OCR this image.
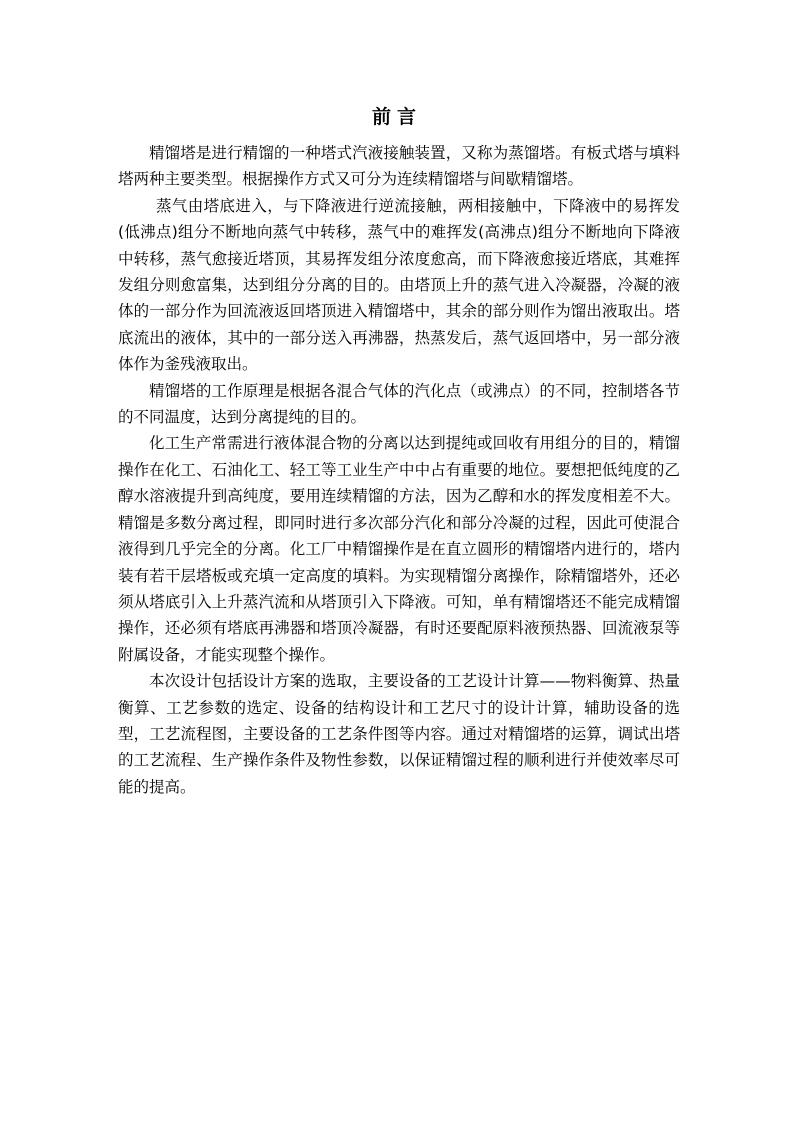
前言

精馏塔是进行精馏的一种塔式汽液接触装置，又称为蒸馏塔。有板式塔与填料塔两种主要类型。根据操作方式又可分为连续精馏塔与间歇精馏塔。

蒸气由塔底进入，与下降液进行逆流接触，两相接触中，下降液中的易挥发(低沸点)组分不断地向蒸气中转移，蒸气中的难挥发(高沸点)组分不断地向下降液中转移，蒸气愈接近塔顶，其易挥发组分浓度愈高，而下降液愈接近塔底，其难挥发组分则愈富集，达到组分分离的目的。由塔顶上升的蒸气进入冷凝器，冷凝的液体的一部分作为回流液返回塔顶进入精馏塔中，其余的部分则作为馏出液取出。塔底流出的液体，其中的一部分送入再沸器，热蒸发后，蒸气返回塔中，另一部分液体作为釜残液取出。

精馏塔的工作原理是根据各混合气体的汽化点（或沸点）的不同，控制塔各节的不同温度，达到分离提纯的目的。

化工生产常需进行液体混合物的分离以达到提纯或回收有用组分的目的，精馏操作在化工、石油化工、轻工等工业生产中中占有重要的地位。要想把低纯度的乙醇水溶液提升到高纯度，要用连续精馏的方法，因为乙醇和水的挥发度相差不大。精馏是多数分离过程，即同时进行多次部分汽化和部分冷凝的过程，因此可使混合液得到几乎完全的分离。化工厂中精馏操作是在直立圆形的精馏塔内进行的，塔内装有若干层塔板或充填一定高度的填料。为实现精馏分离操作，除精馏塔外，还必须从塔底引入上升蒸汽流和从塔顶引入下降液。可知，单有精馏塔还不能完成精馏操作，还必须有塔底再沸器和塔顶冷凝器，有时还要配原料液预热器、回流液泵等附属设备，才能实现整个操作。

本次设计包括设计方案的选取，主要设备的工艺设计计算——物料衡算、热量衡算、工艺参数的选定、设备的结构设计和工艺尺寸的设计计算，辅助设备的选型，工艺流程图，主要设备的工艺条件图等内容。通过对精馏塔的运算，调试出塔的工艺流程、生产操作条件及物性参数，以保证精馏过程的顺利进行并使效率尽可能的提高。
